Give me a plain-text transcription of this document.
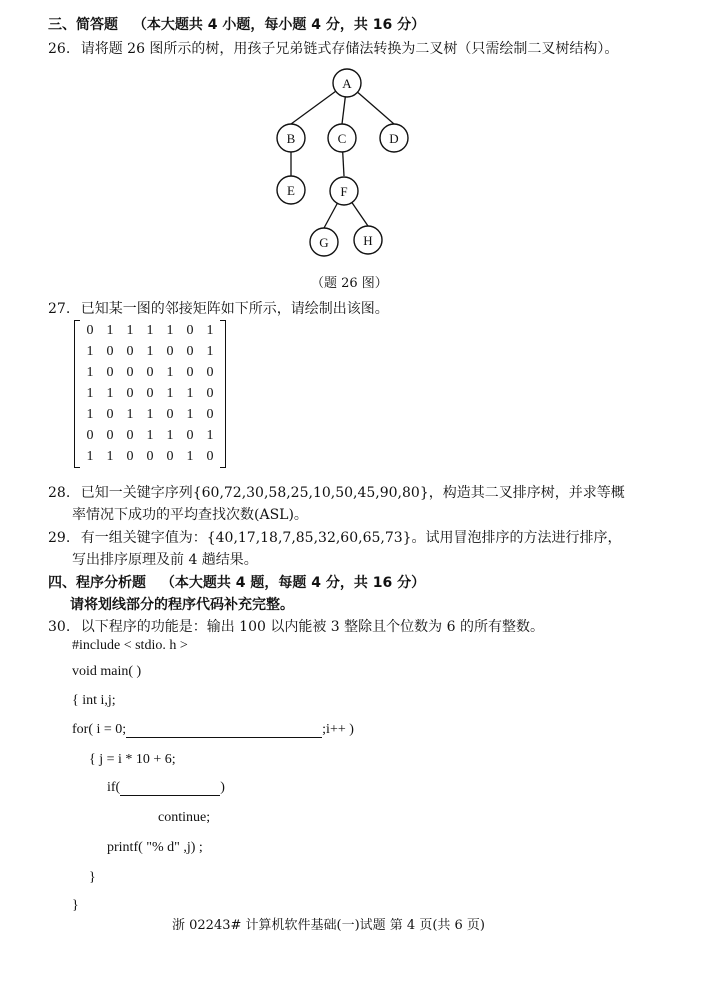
三、简答题 （本大题共 4 小题，每小题 4 分，共 16 分）
26. 请将题 26 图所示的树，用孩子兄弟链式存储法转换为二叉树（只需绘制二叉树结构）。
A
B	C	D
E	F
G	H
（题 26 图）
27. 已知某一图的邻接矩阵如下所示，请绘制出该图。
0	1	1	1	1	0	1
1	0	0	1	0	0	1
1	0	0	0	1	0	0
1	1	0	0	1	1	0
1	0	1	1	0	1	0
0	0	0	1	1	0	1
1	1	0	0	0	1	0
28. 已知一关键字序列{60,72,30,58,25,10,50,45,90,80}，构造其二叉排序树，并求等概
率情况下成功的平均查找次数(ASL)。
29. 有一组关键字值为：{40,17,18,7,85,32,60,65,73}。试用冒泡排序的方法进行排序，
写出排序原理及前 4 趟结果。
四、程序分析题 （本大题共 4 题，每题 4 分，共 16 分）
请将划线部分的程序代码补充完整。
30. 以下程序的功能是：输出 100 以内能被 3 整除且个位数为 6 的所有整数。
#include < stdio. h >
void main( )
{ int i,j;
for( i = 0;	;i++ )
{ j = i * 10 + 6;
if(	)
continue;
printf( "% d" ,j) ;
}
}
浙 02243# 计算机软件基础(一)试题 第 4 页(共 6 页)
